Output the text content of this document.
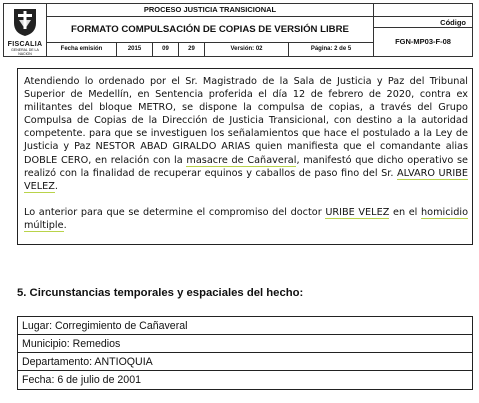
FISCALIA
GENERAL DE LA NACION
PROCESO JUSTICIA TRANSICIONAL
FORMATO COMPULSACIÓN DE COPIAS DE VERSIÓN LIBRE
Código
FGN-MP03-F-08
Fecha emisión	2015	09	29	Versión: 02	Página: 2 de 5

Atendiendo lo ordenado por el Sr. Magistrado de la Sala de Justicia y Paz del Tribunal Superior de Medellín, en Sentencia proferida el día 12 de febrero de 2020, contra ex militantes del bloque METRO, se dispone la compulsa de copias, a través del Grupo Compulsa de Copias de la Dirección de Justicia Transicional, con destino a la autoridad competente. para que se investiguen los señalamientos que hace el postulado a la Ley de Justicia y Paz NESTOR ABAD GIRALDO ARIAS quien manifiesta que el comandante alias DOBLE CERO, en relación con la masacre de Cañaveral, manifestó que dicho operativo se realizó con la finalidad de recuperar equinos y caballos de paso fino del Sr. ALVARO URIBE VELEZ.

Lo anterior para que se determine el compromiso del doctor URIBE VELEZ en el homicidio múltiple.

5. Circunstancias temporales y espaciales del hecho:
Lugar: Corregimiento de Cañaveral
Municipio: Remedios
Departamento: ANTIOQUIA
Fecha: 6 de julio de 2001
